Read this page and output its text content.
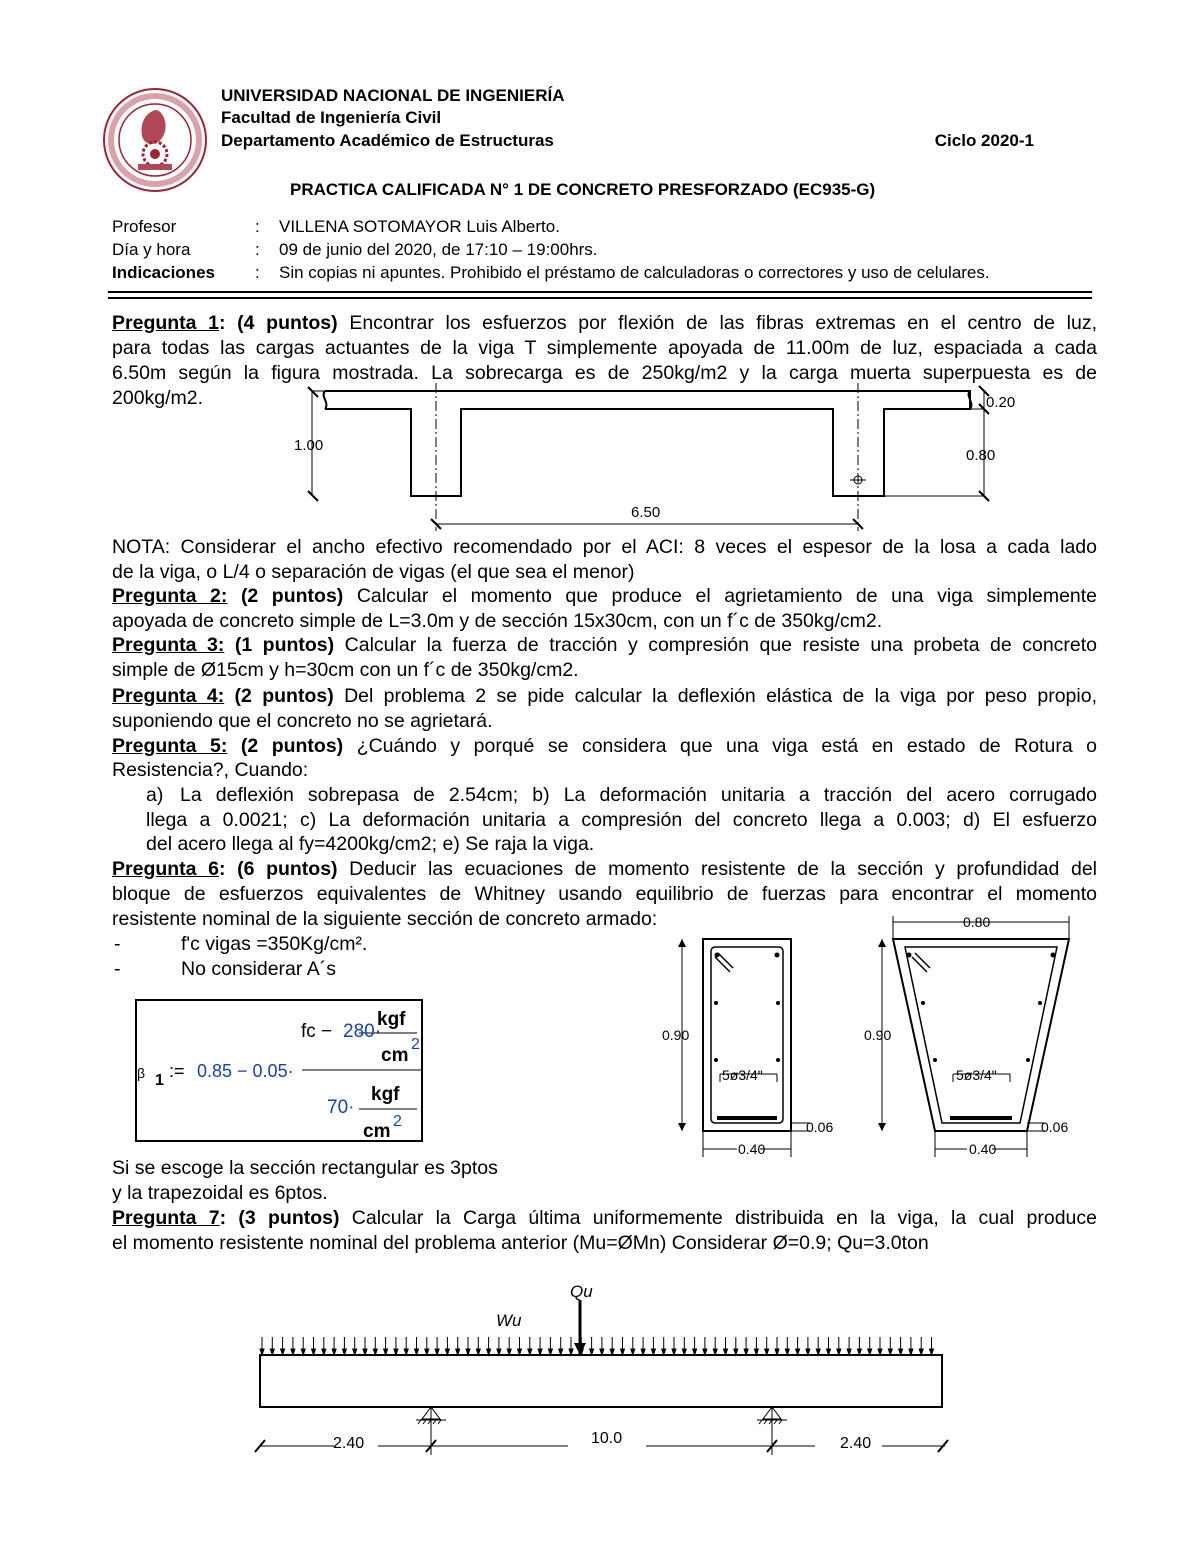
UNIVERSIDAD NACIONAL DE INGENIERÍA
Facultad de Ingeniería Civil
Departamento Académico de Estructuras	Ciclo 2020-1
PRACTICA CALIFICADA N° 1 DE CONCRETO PRESFORZADO (EC935-G)
Profesor	: VILLENA SOTOMAYOR Luis Alberto.
Día y hora	: 09 de junio del 2020, de 17:10 – 19:00hrs.
Indicaciones : Sin copias ni apuntes. Prohibido el préstamo de calculadoras o correctores y uso de celulares.
Pregunta 1: (4 puntos) Encontrar los esfuerzos por flexión de las fibras extremas en el centro de luz,
para todas las cargas actuantes de la viga T simplemente apoyada de 11.00m de luz, espaciada a cada
6.50m según la figura mostrada. La sobrecarga es de 250kg/m2 y la carga muerta superpuesta es de
200kg/m2.
1.00
0.20
0.80
6.50
NOTA: Considerar el ancho efectivo recomendado por el ACI: 8 veces el espesor de la losa a cada lado
de la viga, o L/4 o separación de vigas (el que sea el menor)
Pregunta 2: (2 puntos) Calcular el momento que produce el agrietamiento de una viga simplemente
apoyada de concreto simple de L=3.0m y de sección 15x30cm, con un f´c de 350kg/cm2.
Pregunta 3: (1 puntos) Calcular la fuerza de tracción y compresión que resiste una probeta de concreto
simple de Ø15cm y h=30cm con un f´c de 350kg/cm2.
Pregunta 4: (2 puntos) Del problema 2 se pide calcular la deflexión elástica de la viga por peso propio,
suponiendo que el concreto no se agrietará.
Pregunta 5: (2 puntos) ¿Cuándo y porqué se considera que una viga está en estado de Rotura o
Resistencia?, Cuando:
a) La deflexión sobrepasa de 2.54cm; b) La deformación unitaria a tracción del acero corrugado
llega a 0.0021; c) La deformación unitaria a compresión del concreto llega a 0.003; d) El esfuerzo
del acero llega al fy=4200kg/cm2; e) Se raja la viga.
Pregunta 6: (6 puntos) Deducir las ecuaciones de momento resistente de la sección y profundidad del
bloque de esfuerzos equivalentes de Whitney usando equilibrio de fuerzas para encontrar el momento
resistente nominal de la siguiente sección de concreto armado:
-	f'c vigas =350Kg/cm².
-	No considerar A´s
fc − 280·
kgf
cm
2
β 1 := 0.85 − 0.05·
70·
kgf
cm 2
0.90
0.40
5ø3/4"
0.06
0.80
0.90
0.40
5ø3/4"
0.06
Si se escoge la sección rectangular es 3ptos
y la trapezoidal es 6ptos.
Pregunta 7: (3 puntos) Calcular la Carga última uniformemente distribuida en la viga, la cual produce
el momento resistente nominal del problema anterior (Mu=ØMn) Considerar Ø=0.9; Qu=3.0ton
Qu
Wu
2.40	10.0	2.40
